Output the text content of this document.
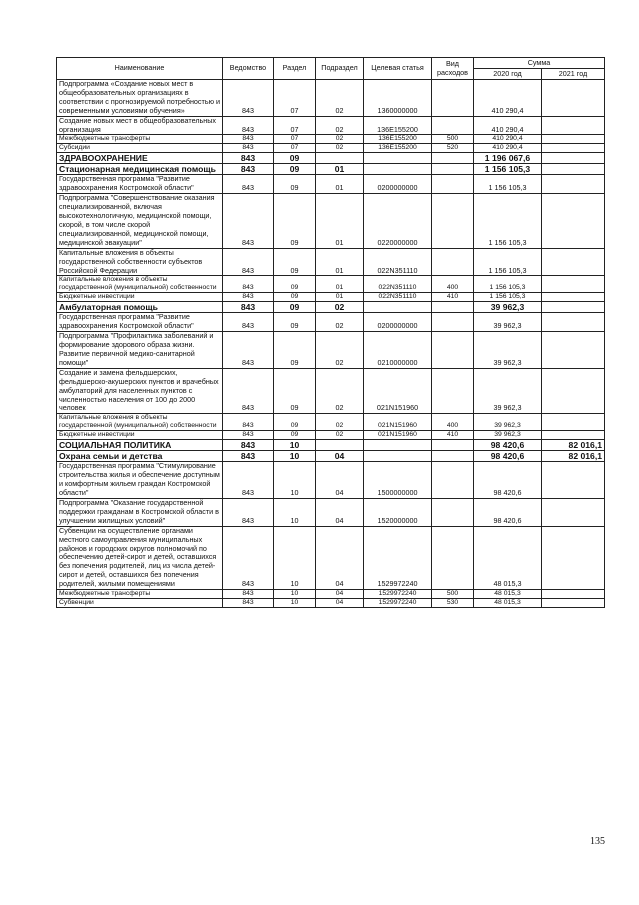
Наименование	Ведомство	Раздел	Подраздел	Целевая статья	Вид расходов	Сумма	
						2020 год	2021 год
Подпрограмма «Создание новых мест в общеобразовательных организациях в соответствии с прогнозируемой потребностью и современными условиями обучения»	843	07	02	1360000000		410 290,4	
Создание новых мест в общеобразовательных организация	843	07	02	136E155200		410 290,4	
Межбюджетные трансферты	843	07	02	136E155200	500	410 290,4	
Субсидии	843	07	02	136E155200	520	410 290,4	
ЗДРАВООХРАНЕНИЕ	843	09				1 196 067,6	
Стационарная медицинская помощь	843	09	01			1 156 105,3	
Государственная программа "Развитие здравоохранения Костромской области"	843	09	01	0200000000		1 156 105,3	
Подпрограмма "Совершенствование оказания специализированной, включая высокотехнологичную, медицинской помощи, скорой, в том числе скорой специализированной, медицинской помощи, медицинской эвакуации"	843	09	01	0220000000		1 156 105,3	
Капитальные вложения в объекты государственной собственности субъектов Российской Федерации	843	09	01	022N351110		1 156 105,3	
Капитальные вложения в объекты государственной (муниципальной) собственности	843	09	01	022N351110	400	1 156 105,3	
Бюджетные инвестиции	843	09	01	022N351110	410	1 156 105,3	
Амбулаторная помощь	843	09	02			39 962,3	
Государственная программа "Развитие здравоохранения Костромской области"	843	09	02	0200000000		39 962,3	
Подпрограмма "Профилактика заболеваний и формирование здорового образа жизни. Развитие первичной медико-санитарной помощи"	843	09	02	0210000000		39 962,3	
Создание и замена фельдшерских, фельдшерско-акушерских пунктов и врачебных амбулаторий для населенных пунктов с численностью населения от 100 до 2000 человек	843	09	02	021N151960		39 962,3	
Капитальные вложения в объекты государственной (муниципальной) собственности	843	09	02	021N151960	400	39 962,3	
Бюджетные инвестиции	843	09	02	021N151960	410	39 962,3	
СОЦИАЛЬНАЯ ПОЛИТИКА	843	10				98 420,6	82 016,1
Охрана семьи и детства	843	10	04			98 420,6	82 016,1
Государственная программа "Стимулирование строительства жилья и обеспечение доступным и комфортным жильем граждан Костромской области"	843	10	04	1500000000		98 420,6	
Подпрограмма "Оказание государственной поддержки гражданам в Костромской области в улучшении жилищных условий"	843	10	04	1520000000		98 420,6	
Субвенции на осуществление органами местного самоуправления муниципальных районов и городских округов полномочий по обеспечению детей-сирот и детей, оставшихся без попечения родителей, лиц из числа детей-сирот и детей, оставшихся без попечения родителей, жилыми помещениями	843	10	04	1529972240		48 015,3	
Межбюджетные трансферты	843	10	04	1529972240	500	48 015,3	
Субвенции	843	10	04	1529972240	530	48 015,3	
135
